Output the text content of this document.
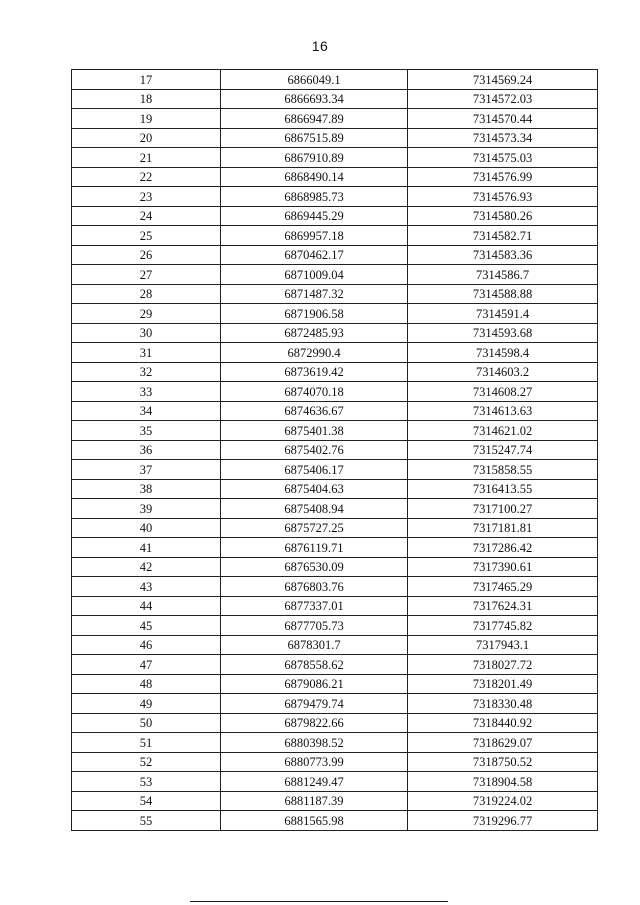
16
17	6866049.1	7314569.24
18	6866693.34	7314572.03
19	6866947.89	7314570.44
20	6867515.89	7314573.34
21	6867910.89	7314575.03
22	6868490.14	7314576.99
23	6868985.73	7314576.93
24	6869445.29	7314580.26
25	6869957.18	7314582.71
26	6870462.17	7314583.36
27	6871009.04	7314586.7
28	6871487.32	7314588.88
29	6871906.58	7314591.4
30	6872485.93	7314593.68
31	6872990.4	7314598.4
32	6873619.42	7314603.2
33	6874070.18	7314608.27
34	6874636.67	7314613.63
35	6875401.38	7314621.02
36	6875402.76	7315247.74
37	6875406.17	7315858.55
38	6875404.63	7316413.55
39	6875408.94	7317100.27
40	6875727.25	7317181.81
41	6876119.71	7317286.42
42	6876530.09	7317390.61
43	6876803.76	7317465.29
44	6877337.01	7317624.31
45	6877705.73	7317745.82
46	6878301.7	7317943.1
47	6878558.62	7318027.72
48	6879086.21	7318201.49
49	6879479.74	7318330.48
50	6879822.66	7318440.92
51	6880398.52	7318629.07
52	6880773.99	7318750.52
53	6881249.47	7318904.58
54	6881187.39	7319224.02
55	6881565.98	7319296.77
